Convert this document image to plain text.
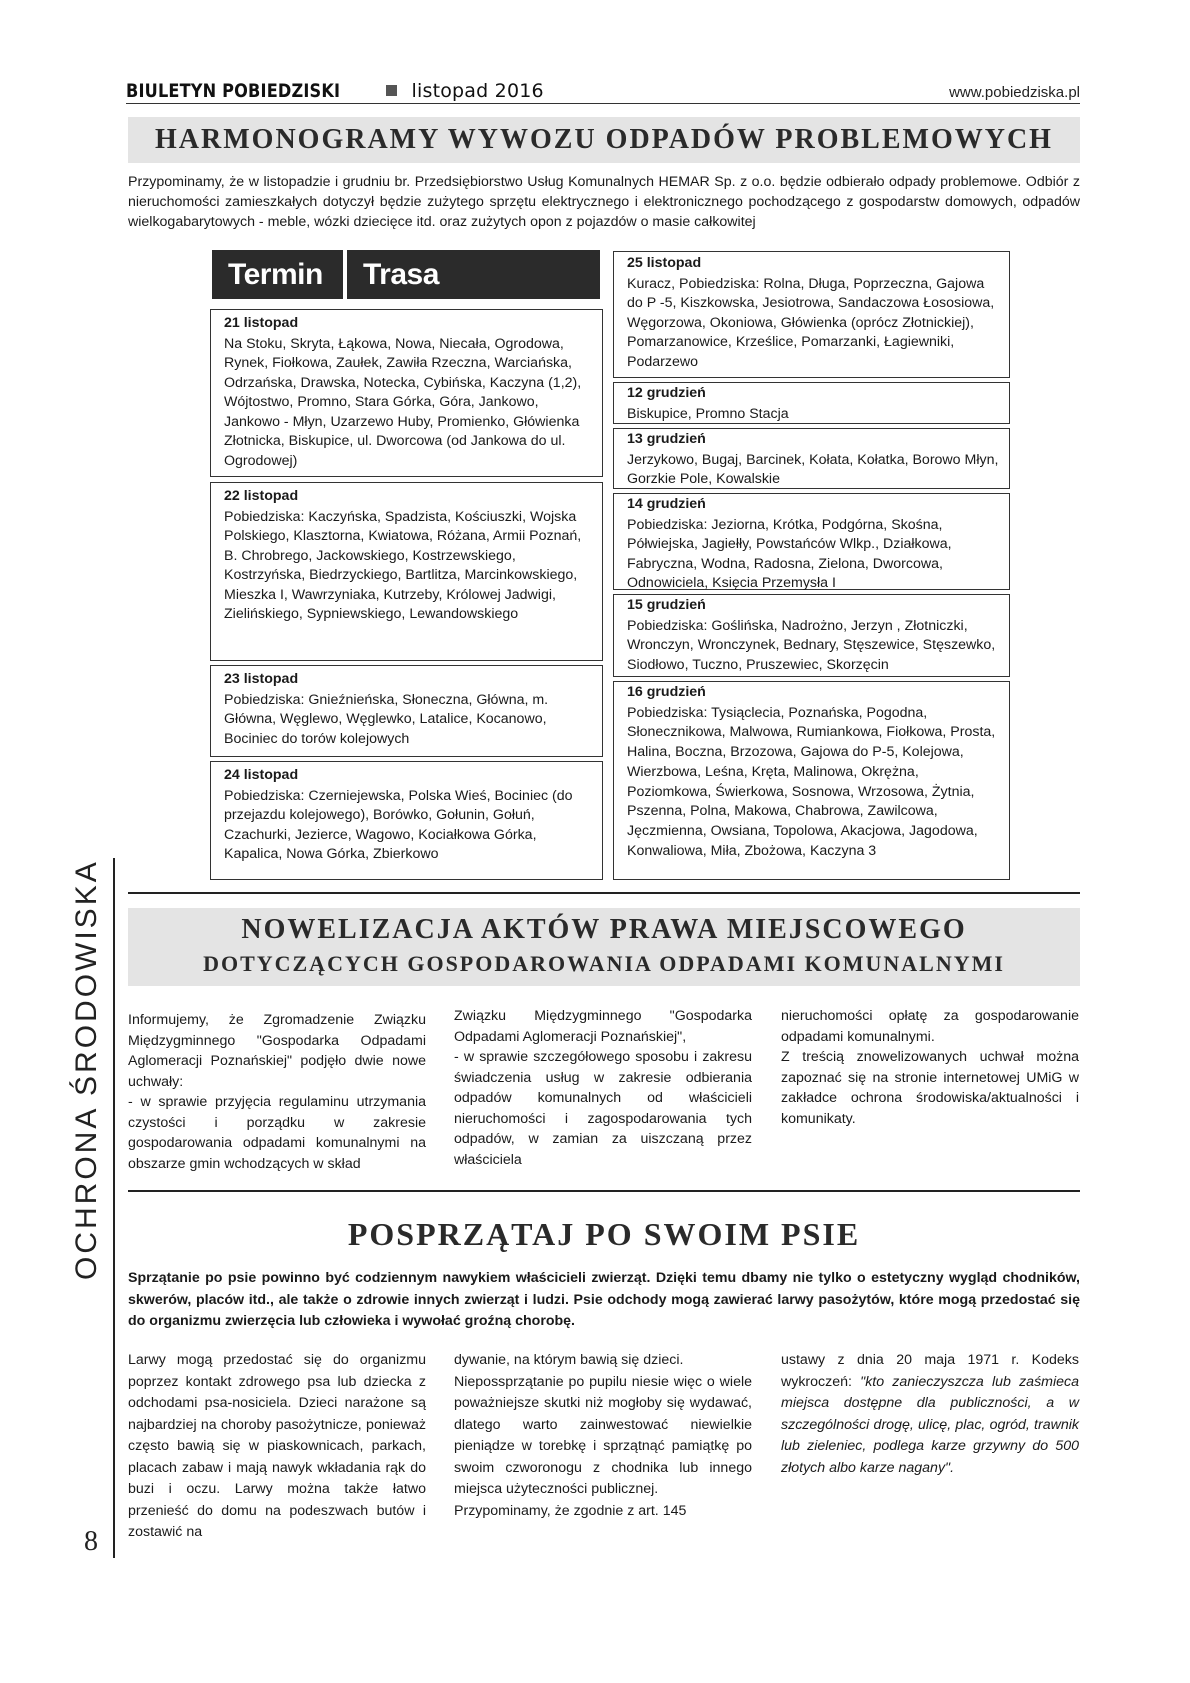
BIULETYN POBIEDZISKI	listopad 2016	www.pobiedziska.pl
HARMONOGRAMY WYWOZU ODPADÓW PROBLEMOWYCH
Przypominamy, że w listopadzie i grudniu br. Przedsiębiorstwo Usług Komunalnych HEMAR Sp. z o.o. będzie odbierało odpady problemowe. Odbiór z nieruchomości zamieszkałych dotyczył będzie zużytego sprzętu elektrycznego i elektronicznego pochodzącego z gospodarstw domowych, odpadów wielkogabarytowych - meble, wózki dziecięce itd. oraz zużytych opon z pojazdów o masie całkowitej
Termin	Trasa
21 listopad
Na Stoku, Skryta, Łąkowa, Nowa, Niecała, Ogrodowa, Rynek, Fiołkowa, Zaułek, Zawiła Rzeczna, Warciańska, Odrzańska, Drawska, Notecka, Cybińska, Kaczyna (1,2), Wójtostwo, Promno, Stara Górka, Góra, Jankowo, Jankowo - Młyn, Uzarzewo Huby, Promienko, Główienka Złotnicka, Biskupice, ul. Dworcowa (od Jankowa do ul. Ogrodowej)
22 listopad
Pobiedziska: Kaczyńska, Spadzista, Kościuszki, Wojska Polskiego, Klasztorna, Kwiatowa, Różana, Armii Poznań, B. Chrobrego, Jackowskiego, Kostrzewskiego, Kostrzyńska, Biedrzyckiego, Bartlitza, Marcinkowskiego, Mieszka I, Wawrzyniaka, Kutrzeby, Królowej Jadwigi, Zielińskiego, Sypniewskiego, Lewandowskiego
23 listopad
Pobiedziska: Gnieźnieńska, Słoneczna, Główna, m. Główna, Węglewo, Węglewko, Latalice, Kocanowo, Bociniec do torów kolejowych
24 listopad
Pobiedziska: Czerniejewska, Polska Wieś, Bociniec (do przejazdu kolejowego), Borówko, Gołunin, Gołuń, Czachurki, Jezierce, Wagowo, Kociałkowa Górka, Kapalica, Nowa Górka, Zbierkowo
25 listopad
Kuracz, Pobiedziska: Rolna, Długa, Poprzeczna, Gajowa do P -5, Kiszkowska, Jesiotrowa, Sandaczowa Łososiowa, Węgorzowa, Okoniowa, Główienka (oprócz Złotnickiej), Pomarzanowice, Krześlice, Pomarzanki, Łagiewniki, Podarzewo
12 grudzień
Biskupice, Promno Stacja
13 grudzień
Jerzykowo, Bugaj, Barcinek, Kołata, Kołatka, Borowo Młyn, Gorzkie Pole, Kowalskie
14 grudzień
Pobiedziska: Jeziorna, Krótka, Podgórna, Skośna, Półwiejska, Jagiełły, Powstańców Wlkp., Działkowa, Fabryczna, Wodna, Radosna, Zielona, Dworcowa, Odnowiciela, Księcia Przemysła I
15 grudzień
Pobiedziska: Goślińska, Nadrożno, Jerzyn , Złotniczki, Wronczyn, Wronczynek, Bednary, Stęszewice, Stęszewko, Siodłowo, Tuczno, Pruszewiec, Skorzęcin
16 grudzień
Pobiedziska: Tysiąclecia, Poznańska, Pogodna, Słonecznikowa, Malwowa, Rumiankowa, Fiołkowa, Prosta, Halina, Boczna, Brzozowa, Gajowa do P-5, Kolejowa, Wierzbowa, Leśna, Kręta, Malinowa, Okrężna, Poziomkowa, Świerkowa, Sosnowa, Wrzosowa, Żytnia, Pszenna, Polna, Makowa, Chabrowa, Zawilcowa, Jęczmienna, Owsiana, Topolowa, Akacjowa, Jagodowa, Konwaliowa, Miła, Zbożowa, Kaczyna 3
OCHRONA ŚRODOWISKA	NOWELIZACJA AKTÓW PRAWA MIEJSCOWEGO
DOTYCZĄCYCH GOSPODAROWANIA ODPADAMI KOMUNALNYMI
Informujemy, że Zgromadzenie Związku Międzygminnego "Gospodarka Odpadami Aglomeracji Poznańskiej" podjęło dwie nowe uchwały:
- w sprawie przyjęcia regulaminu utrzymania czystości i porządku w zakresie gospodarowania odpadami komunalnymi na obszarze gmin wchodzących w skład
Związku Międzygminnego "Gospodarka Odpadami Aglomeracji Poznańskiej",
- w sprawie szczegółowego sposobu i zakresu świadczenia usług w zakresie odbierania odpadów komunalnych od właścicieli nieruchomości i zagospodarowania tych odpadów, w zamian za uiszczaną przez właściciela
nieruchomości opłatę za gospodarowanie odpadami komunalnymi.
Z treścią znowelizowanych uchwał można zapoznać się na stronie internetowej UMiG w zakładce ochrona środowiska/aktualności i komunikaty.
POSPRZĄTAJ PO SWOIM PSIE
Sprzątanie po psie powinno być codziennym nawykiem właścicieli zwierząt. Dzięki temu dbamy nie tylko o estetyczny wygląd chodników, skwerów, placów itd., ale także o zdrowie innych zwierząt i ludzi. Psie odchody mogą zawierać larwy pasożytów, które mogą przedostać się do organizmu zwierzęcia lub człowieka i wywołać groźną chorobę.
Larwy mogą przedostać się do organizmu poprzez kontakt zdrowego psa lub dziecka z odchodami psa-nosiciela. Dzieci narażone są najbardziej na choroby pasożytnicze, ponieważ często bawią się w piaskownicach, parkach, placach zabaw i mają nawyk wkładania rąk do buzi i oczu. Larwy można także łatwo przenieść do domu na podeszwach butów i zostawić na
dywanie, na którym bawią się dzieci.
Niepossprzątanie po pupilu niesie więc o wiele poważniejsze skutki niż mogłoby się wydawać, dlatego warto zainwestować niewielkie pieniądze w torebkę i sprzątnąć pamiątkę po swoim czworonogu z chodnika lub innego miejsca użyteczności publicznej.
Przypominamy, że zgodnie z art. 145
ustawy z dnia 20 maja 1971 r. Kodeks wykroczeń: "kto zanieczyszcza lub zaśmieca miejsca dostępne dla publiczności, a w szczególności drogę, ulicę, plac, ogród, trawnik lub zieleniec, podlega karze grzywny do 500 złotych albo karze nagany".
8
